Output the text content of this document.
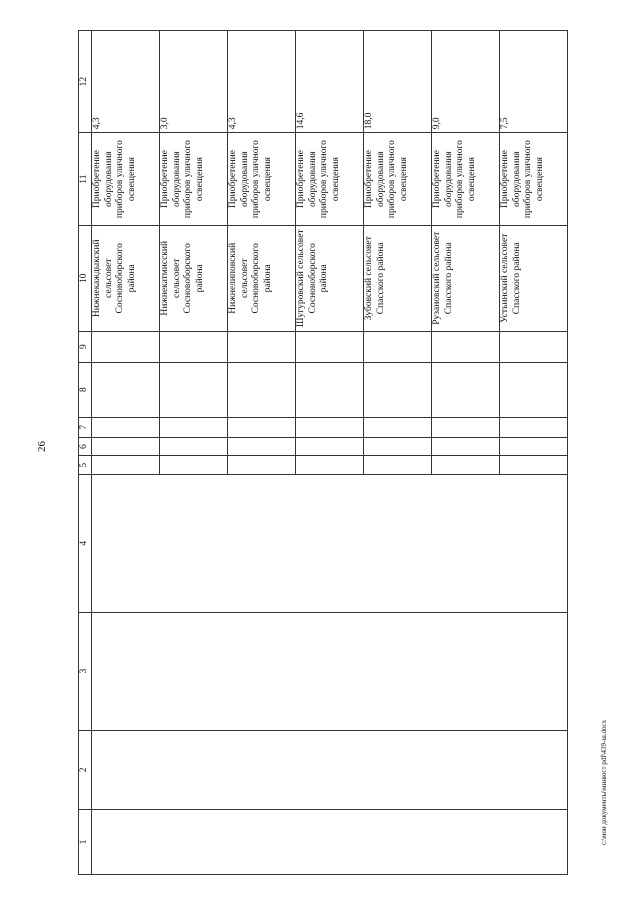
26
1	2	3	4	5	6	7	8	9	10	11	12
									Нижнекаждыкский сельсовет Сосновоборского района	Приобретение оборудования приборов уличного освещения	4,3
									Нижнекатмисский сельсовет Сосновоборского района	Приобретение оборудования приборов уличного освещения	3,0
									Нижнелиповский сельсовет Сосновоборского района	Приобретение оборудования приборов уличного освещения	4,3
									Шугуровский сельсовет Сосновоборского района	Приобретение оборудования приборов уличного освещения	14,6
									Зубовский сельсовет Спасского района	Приобретение оборудования приборов уличного освещения	18,0
									Рузановский сельсовет Спасского района	Приобретение оборудования приборов уличного освещения	9,0
									Устьинский сельсовет Спасского района	Приобретение оборудования приборов уличного освещения	7,5
c:\мои документы\минюст pdf\439-ш.docx
